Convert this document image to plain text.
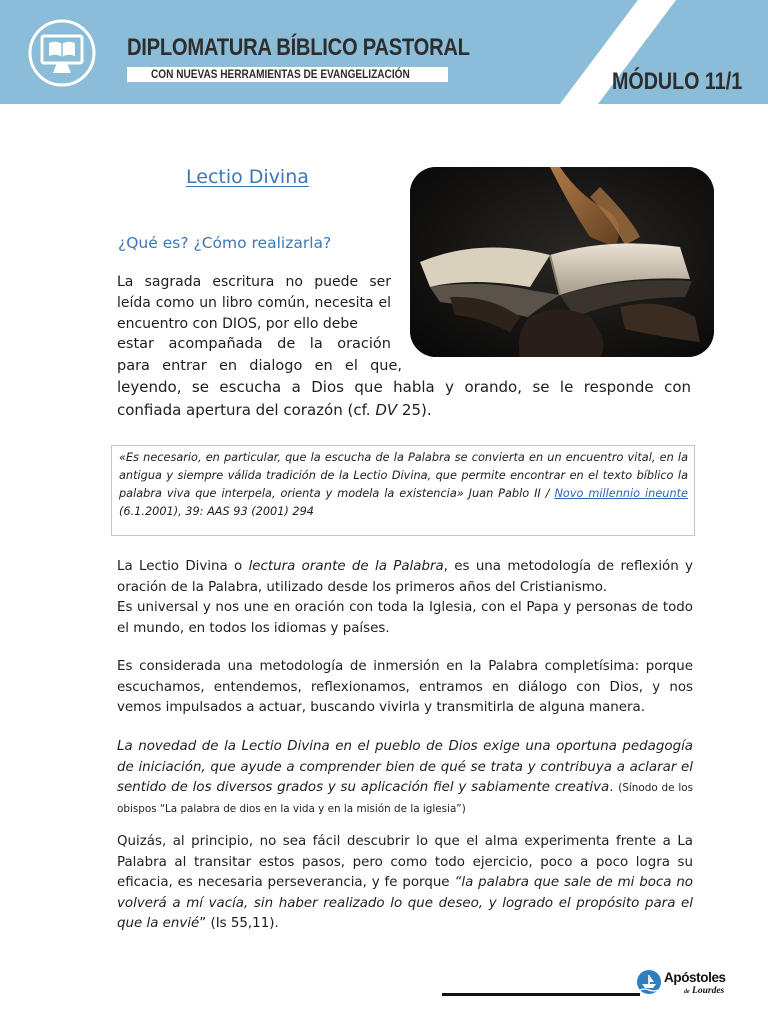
DIPLOMATURA BÍBLICO PASTORAL
CON NUEVAS HERRAMIENTAS DE EVANGELIZACIÓN	MÓDULO 11/1
Lectio Divina
¿Qué es? ¿Cómo realizarla?

La sagrada escritura no puede ser leída como un libro común, necesita el encuentro con DIOS, por ello debe

estar acompañada de la oración

para entrar en dialogo en el que,

leyendo, se escucha a Dios que habla y orando, se le responde con confiada apertura del corazón (cf. DV 25).

«Es necesario, en particular, que la escucha de la Palabra se convierta en un encuentro vital, en la antigua y siempre válida tradición de la Lectio Divina, que permite encontrar en el texto bíblico la palabra viva que interpela, orienta y modela la existencia» Juan Pablo II / Novo millennio ineunte (6.1.2001), 39: AAS 93 (2001) 294

La Lectio Divina o lectura orante de la Palabra, es una metodología de reflexión y oración de la Palabra, utilizado desde los primeros años del Cristianismo.

Es universal y nos une en oración con toda la Iglesia, con el Papa y personas de todo el mundo, en todos los idiomas y países.

Es considerada una metodología de inmersión en la Palabra completísima: porque escuchamos, entendemos, reflexionamos, entramos en diálogo con Dios, y nos vemos impulsados a actuar, buscando vivirla y transmitirla de alguna manera.

La novedad de la Lectio Divina en el pueblo de Dios exige una oportuna pedagogía de iniciación, que ayude a comprender bien de qué se trata y contribuya a aclarar el sentido de los diversos grados y su aplicación fiel y sabiamente creativa. (Sínodo de los obispos “La palabra de dios en la vida y en la misión de la iglesia”)

Quizás, al principio, no sea fácil descubrir lo que el alma experimenta frente a La Palabra al transitar estos pasos, pero como todo ejercicio, poco a poco logra su eficacia, es necesaria perseverancia, y fe porque “la palabra que sale de mi boca no volverá a mí vacía, sin haber realizado lo que deseo, y logrado el propósito para el que la envié” (Is 55,11).

Apóstoles
de Lourdes
